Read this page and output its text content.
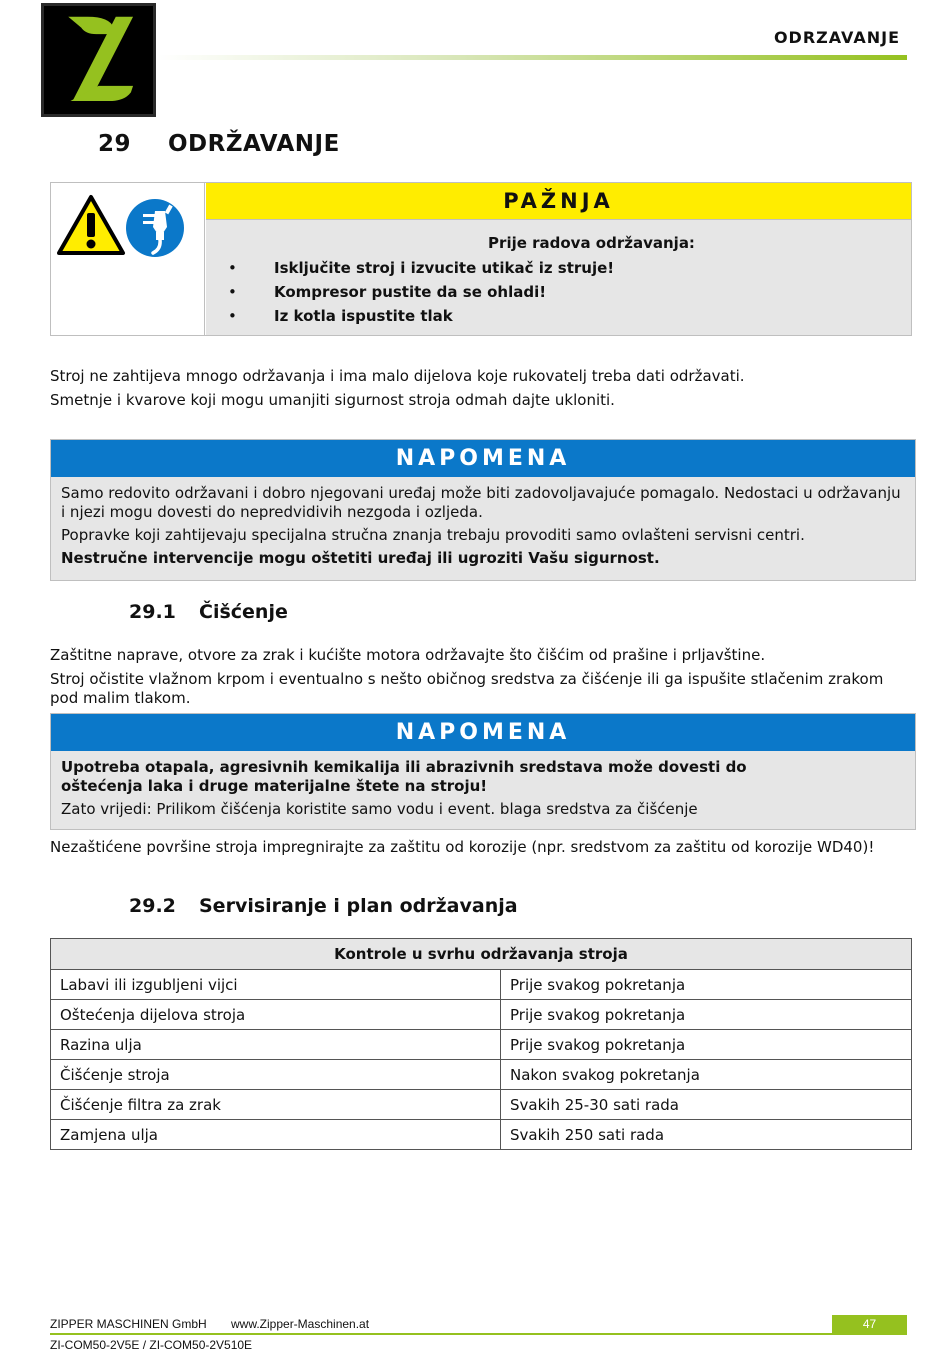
ODRZAVANJE
29 ODRŽAVANJE
PAŽNJA
Prije radova održavanja:
• Isključite stroj i izvucite utikač iz struje!
• Kompresor pustite da se ohladi!
• Iz kotla ispustite tlak
Stroj ne zahtijeva mnogo održavanja i ima malo dijelova koje rukovatelj treba dati održavati.
Smetnje i kvarove koji mogu umanjiti sigurnost stroja odmah dajte ukloniti.
NAPOMENA

Samo redovito održavani i dobro njegovani uređaj može biti zadovoljavajuće pomagalo. Nedostaci u održavanju i njezi mogu dovesti do nepredvidivih nezgoda i ozljeda.

Popravke koji zahtijevaju specijalna stručna znanja trebaju provoditi samo ovlašteni servisni centri.

Nestručne intervencije mogu oštetiti uređaj ili ugroziti Vašu sigurnost.

29.1 Čišćenje
Zaštitne naprave, otvore za zrak i kućište motora održavajte što čišćim od prašine i prljavštine.
Stroj očistite vlažnom krpom i eventualno s nešto običnog sredstva za čišćenje ili ga ispušite stlačenim zrakom pod malim tlakom.
NAPOMENA

Upotreba otapala, agresivnih kemikalija ili abrazivnih sredstava može dovesti do oštećenja laka i druge materijalne štete na stroju!

Zato vrijedi: Prilikom čišćenja koristite samo vodu i event. blaga sredstva za čišćenje

Nezaštićene površine stroja impregnirajte za zaštitu od korozije (npr. sredstvom za zaštitu od korozije WD40)!
29.2 Servisiranje i plan održavanja
Kontrole u svrhu održavanja stroja	
Labavi ili izgubljeni vijci	Prije svakog pokretanja
Oštećenja dijelova stroja	Prije svakog pokretanja
Razina ulja	Prije svakog pokretanja
Čišćenje stroja	Nakon svakog pokretanja
Čišćenje filtra za zrak	Svakih 25-30 sati rada
Zamjena ulja	Svakih 250 sati rada
ZIPPER MASCHINEN GmbH www.Zipper-Maschinen.at	47
ZI-COM50-2V5E / ZI-COM50-2V510E
